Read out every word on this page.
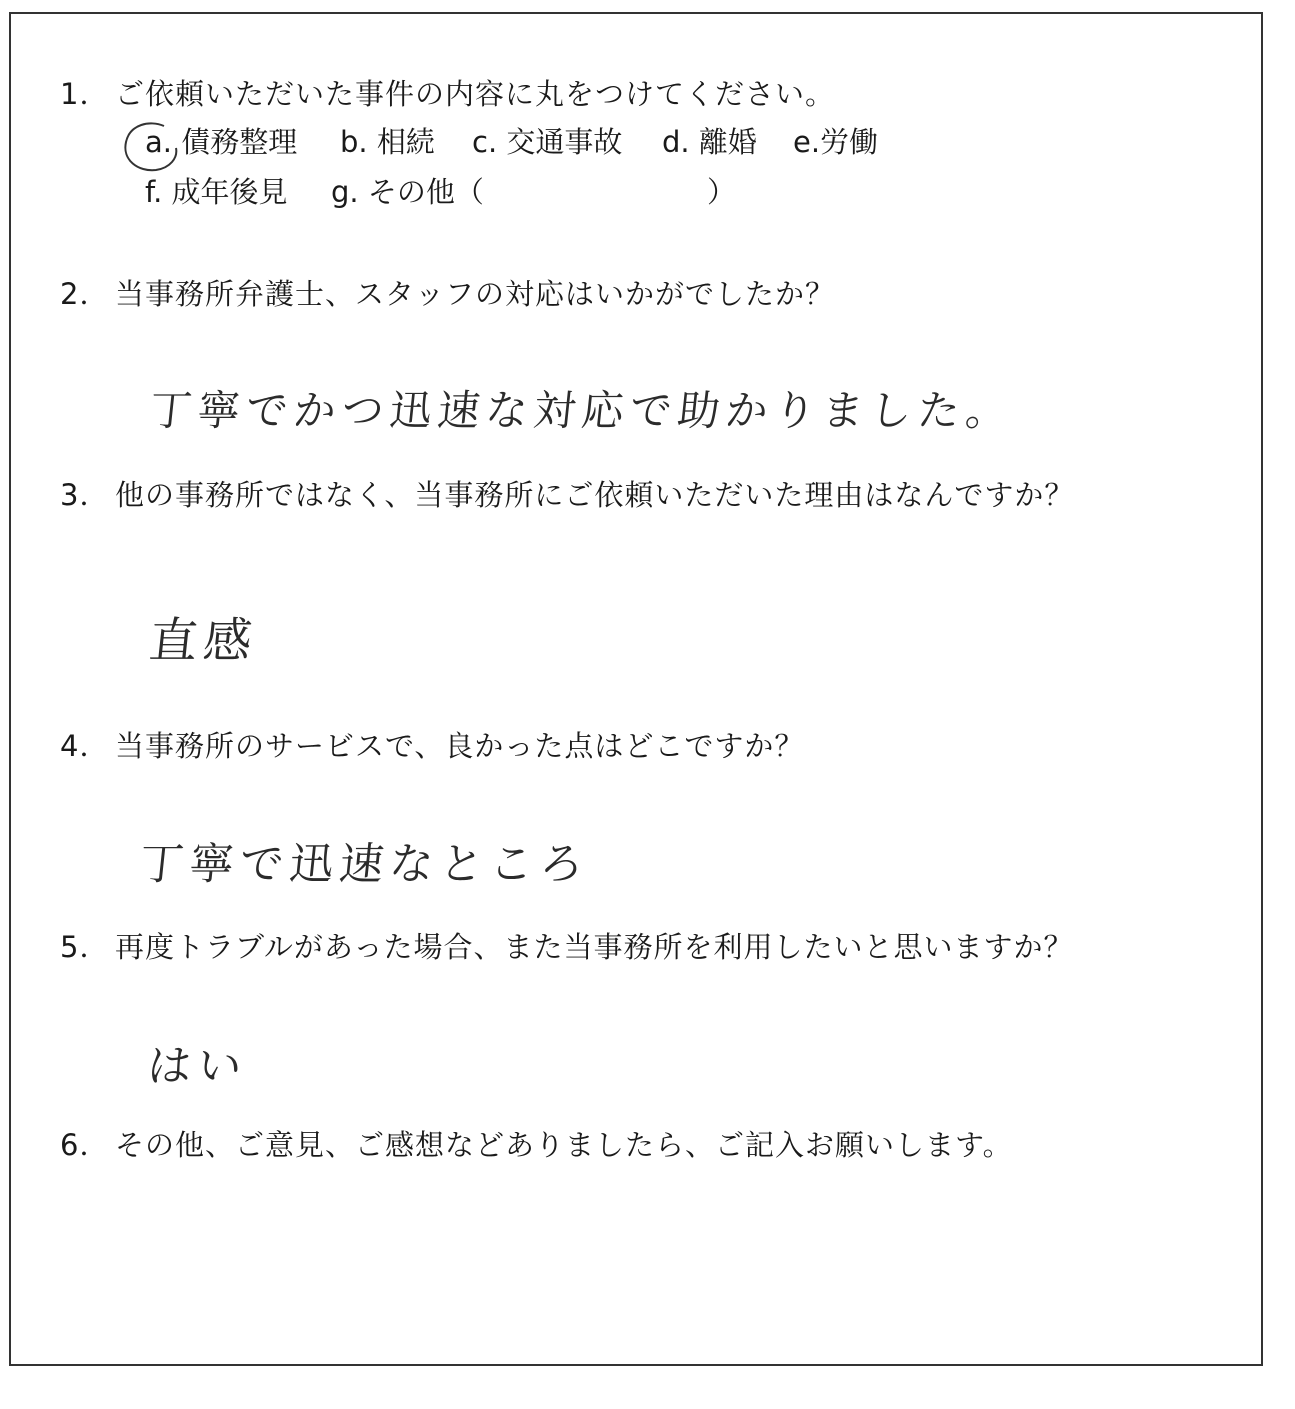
1． ご依頼いただいた事件の内容に丸をつけてください。
a. 債務整理 b. 相続 c. 交通事故 d. 離婚 e.労働
f. 成年後見 g. その他（	）
2． 当事務所弁護士、スタッフの対応はいかがでしたか？
丁寧でかつ迅速な対応で助かりました。
3． 他の事務所ではなく、当事務所にご依頼いただいた理由はなんですか？
直感
4． 当事務所のサービスで、良かった点はどこですか？
丁寧で迅速なところ
5． 再度トラブルがあった場合、また当事務所を利用したいと思いますか？
はい
6． その他、ご意見、ご感想などありましたら、ご記入お願いします。
